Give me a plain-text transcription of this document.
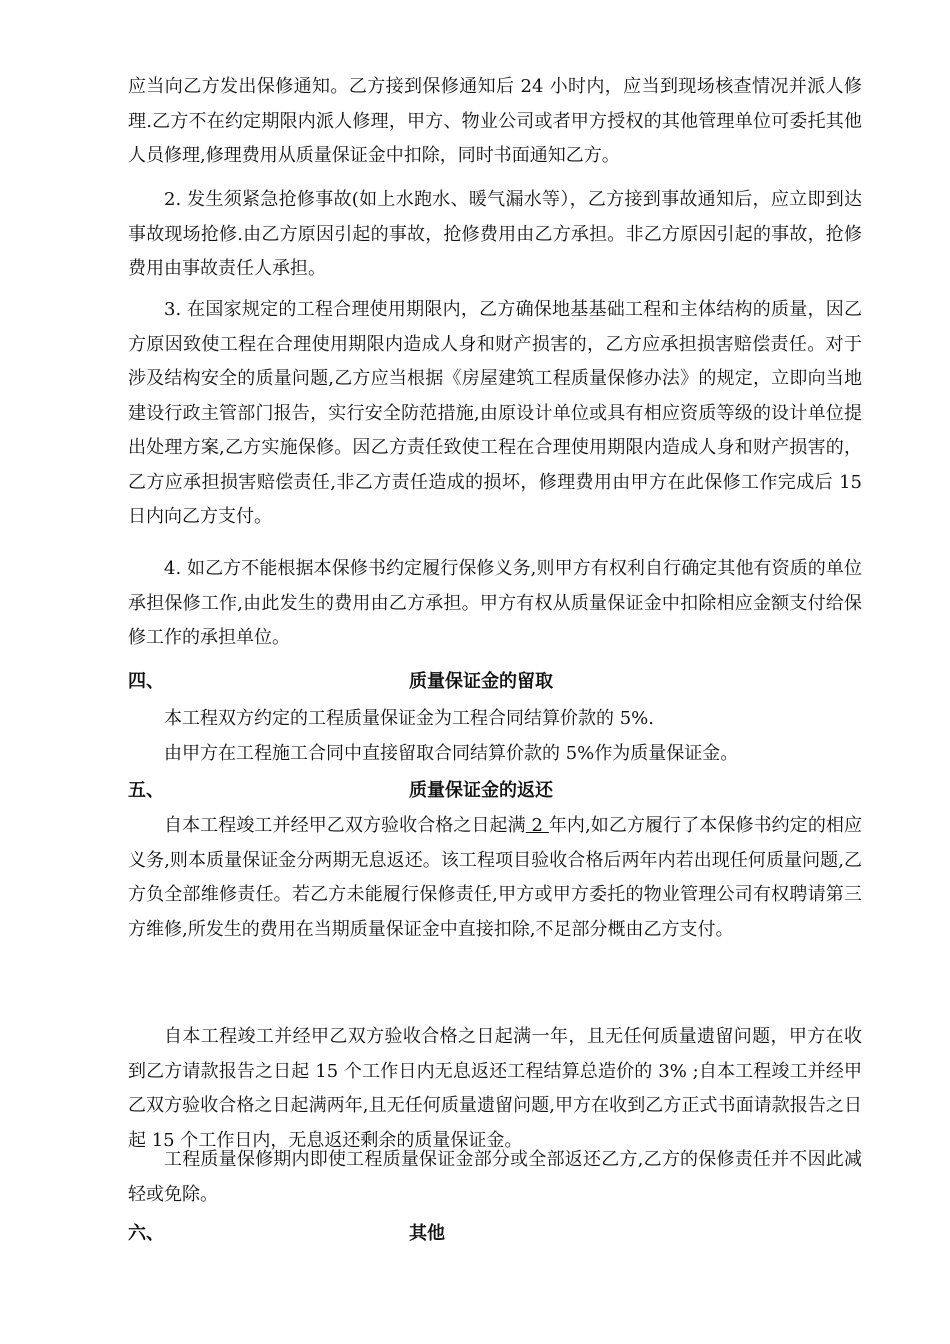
应当向乙方发出保修通知。乙方接到保修通知后 24 小时内，应当到现场核查情况并派人修理.乙方不在约定期限内派人修理，甲方、物业公司或者甲方授权的其他管理单位可委托其他人员修理,修理费用从质量保证金中扣除，同时书面通知乙方。

2. 发生须紧急抢修事故(如上水跑水、暖气漏水等），乙方接到事故通知后，应立即到达事故现场抢修.由乙方原因引起的事故，抢修费用由乙方承担。非乙方原因引起的事故，抢修费用由事故责任人承担。

3. 在国家规定的工程合理使用期限内，乙方确保地基基础工程和主体结构的质量，因乙方原因致使工程在合理使用期限内造成人身和财产损害的，乙方应承担损害赔偿责任。对于涉及结构安全的质量问题,乙方应当根据《房屋建筑工程质量保修办法》的规定，立即向当地建设行政主管部门报告，实行安全防范措施,由原设计单位或具有相应资质等级的设计单位提出处理方案,乙方实施保修。因乙方责任致使工程在合理使用期限内造成人身和财产损害的，乙方应承担损害赔偿责任,非乙方责任造成的损坏，修理费用由甲方在此保修工作完成后 15 日内向乙方支付。

4. 如乙方不能根据本保修书约定履行保修义务,则甲方有权利自行确定其他有资质的单位承担保修工作,由此发生的费用由乙方承担。甲方有权从质量保证金中扣除相应金额支付给保修工作的承担单位。

四、	质量保证金的留取

本工程双方约定的工程质量保证金为工程合同结算价款的 5%.

由甲方在工程施工合同中直接留取合同结算价款的 5%作为质量保证金。

五、	质量保证金的返还

自本工程竣工并经甲乙双方验收合格之日起满 2 年内,如乙方履行了本保修书约定的相应义务,则本质量保证金分两期无息返还。该工程项目验收合格后两年内若出现任何质量问题,乙方负全部维修责任。若乙方未能履行保修责任,甲方或甲方委托的物业管理公司有权聘请第三方维修,所发生的费用在当期质量保证金中直接扣除,不足部分概由乙方支付。

自本工程竣工并经甲乙双方验收合格之日起满一年，且无任何质量遗留问题，甲方在收到乙方请款报告之日起 15 个工作日内无息返还工程结算总造价的 3% ;自本工程竣工并经甲乙双方验收合格之日起满两年,且无任何质量遗留问题,甲方在收到乙方正式书面请款报告之日起 15 个工作日内，无息返还剩余的质量保证金。

工程质量保修期内即使工程质量保证金部分或全部返还乙方,乙方的保修责任并不因此减轻或免除。

六、	其他
